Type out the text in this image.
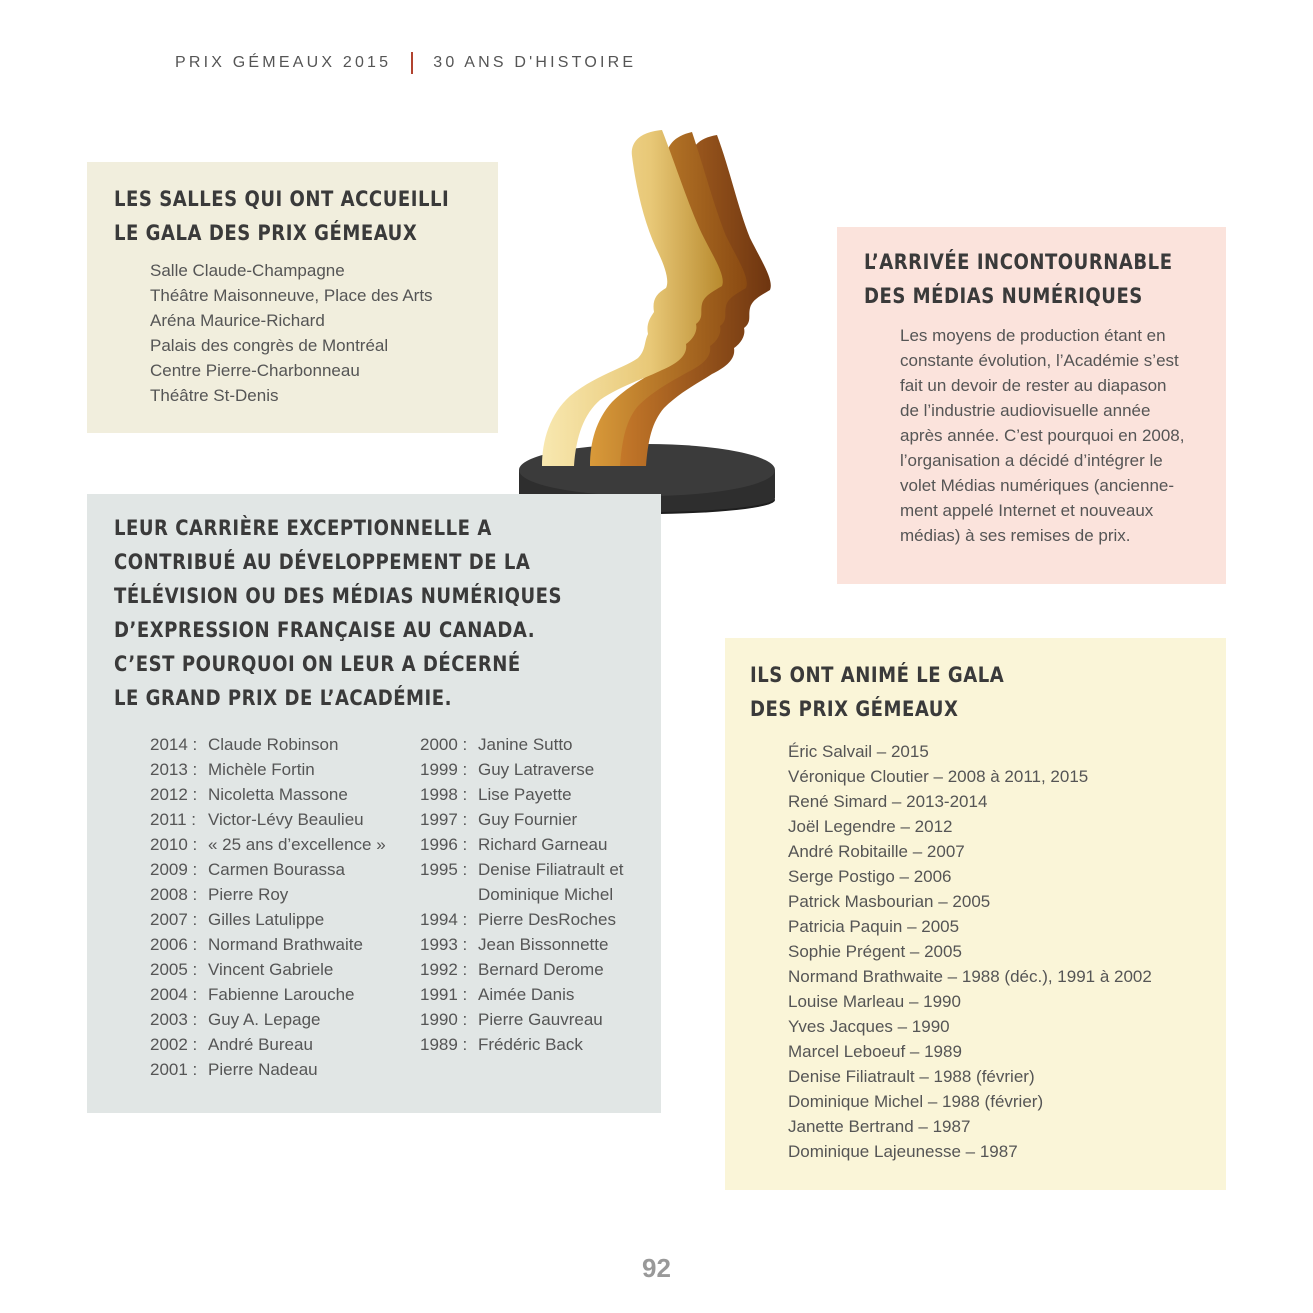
PRIX GÉMEAUX 2015	30 ANS D'HISTOIRE
LES SALLES QUI ONT ACCUEILLI
LE GALA DES PRIX GÉMEAUX
Salle Claude-Champagne
Théâtre Maisonneuve, Place des Arts
Aréna Maurice-Richard
Palais des congrès de Montréal
Centre Pierre-Charbonneau
Théâtre St-Denis
L’ARRIVÉE INCONTOURNABLE
DES MÉDIAS NUMÉRIQUES

Les moyens de production étant en
constante évolution, l’Académie s’est
fait un devoir de rester au diapason
de l’industrie audiovisuelle année
après année. C’est pourquoi en 2008,
l’organisation a décidé d’intégrer le
volet Médias numériques (ancienne-
ment appelé Internet et nouveaux
médias) à ses remises de prix.

LEUR CARRIÈRE EXCEPTIONNELLE A
CONTRIBUÉ AU DÉVELOPPEMENT DE LA
TÉLÉVISION OU DES MÉDIAS NUMÉRIQUES
D’EXPRESSION FRANÇAISE AU CANADA.
C’EST POURQUOI ON LEUR A DÉCERNÉ
LE GRAND PRIX DE L’ACADÉMIE.
2014 : Claude Robinson
2013 : Michèle Fortin
2012 : Nicoletta Massone
2011 : Victor-Lévy Beaulieu
2010 : « 25 ans d’excellence »
2009 : Carmen Bourassa
2008 : Pierre Roy
2007 : Gilles Latulippe
2006 : Normand Brathwaite
2005 : Vincent Gabriele
2004 : Fabienne Larouche
2003 : Guy A. Lepage
2002 : André Bureau
2001 : Pierre Nadeau
2000 : Janine Sutto
1999 : Guy Latraverse
1998 : Lise Payette
1997 : Guy Fournier
1996 : Richard Garneau
1995 : Denise Filiatrault et
Dominique Michel
1994 : Pierre DesRoches
1993 : Jean Bissonnette
1992 : Bernard Derome
1991 : Aimée Danis
1990 : Pierre Gauvreau
1989 : Frédéric Back
ILS ONT ANIMÉ LE GALA
DES PRIX GÉMEAUX
Éric Salvail – 2015
Véronique Cloutier – 2008 à 2011, 2015
René Simard – 2013-2014
Joël Legendre – 2012
André Robitaille – 2007
Serge Postigo – 2006
Patrick Masbourian – 2005
Patricia Paquin – 2005
Sophie Prégent – 2005
Normand Brathwaite – 1988 (déc.), 1991 à 2002
Louise Marleau – 1990
Yves Jacques – 1990
Marcel Leboeuf – 1989
Denise Filiatrault – 1988 (février)
Dominique Michel – 1988 (février)
Janette Bertrand – 1987
Dominique Lajeunesse – 1987
92
